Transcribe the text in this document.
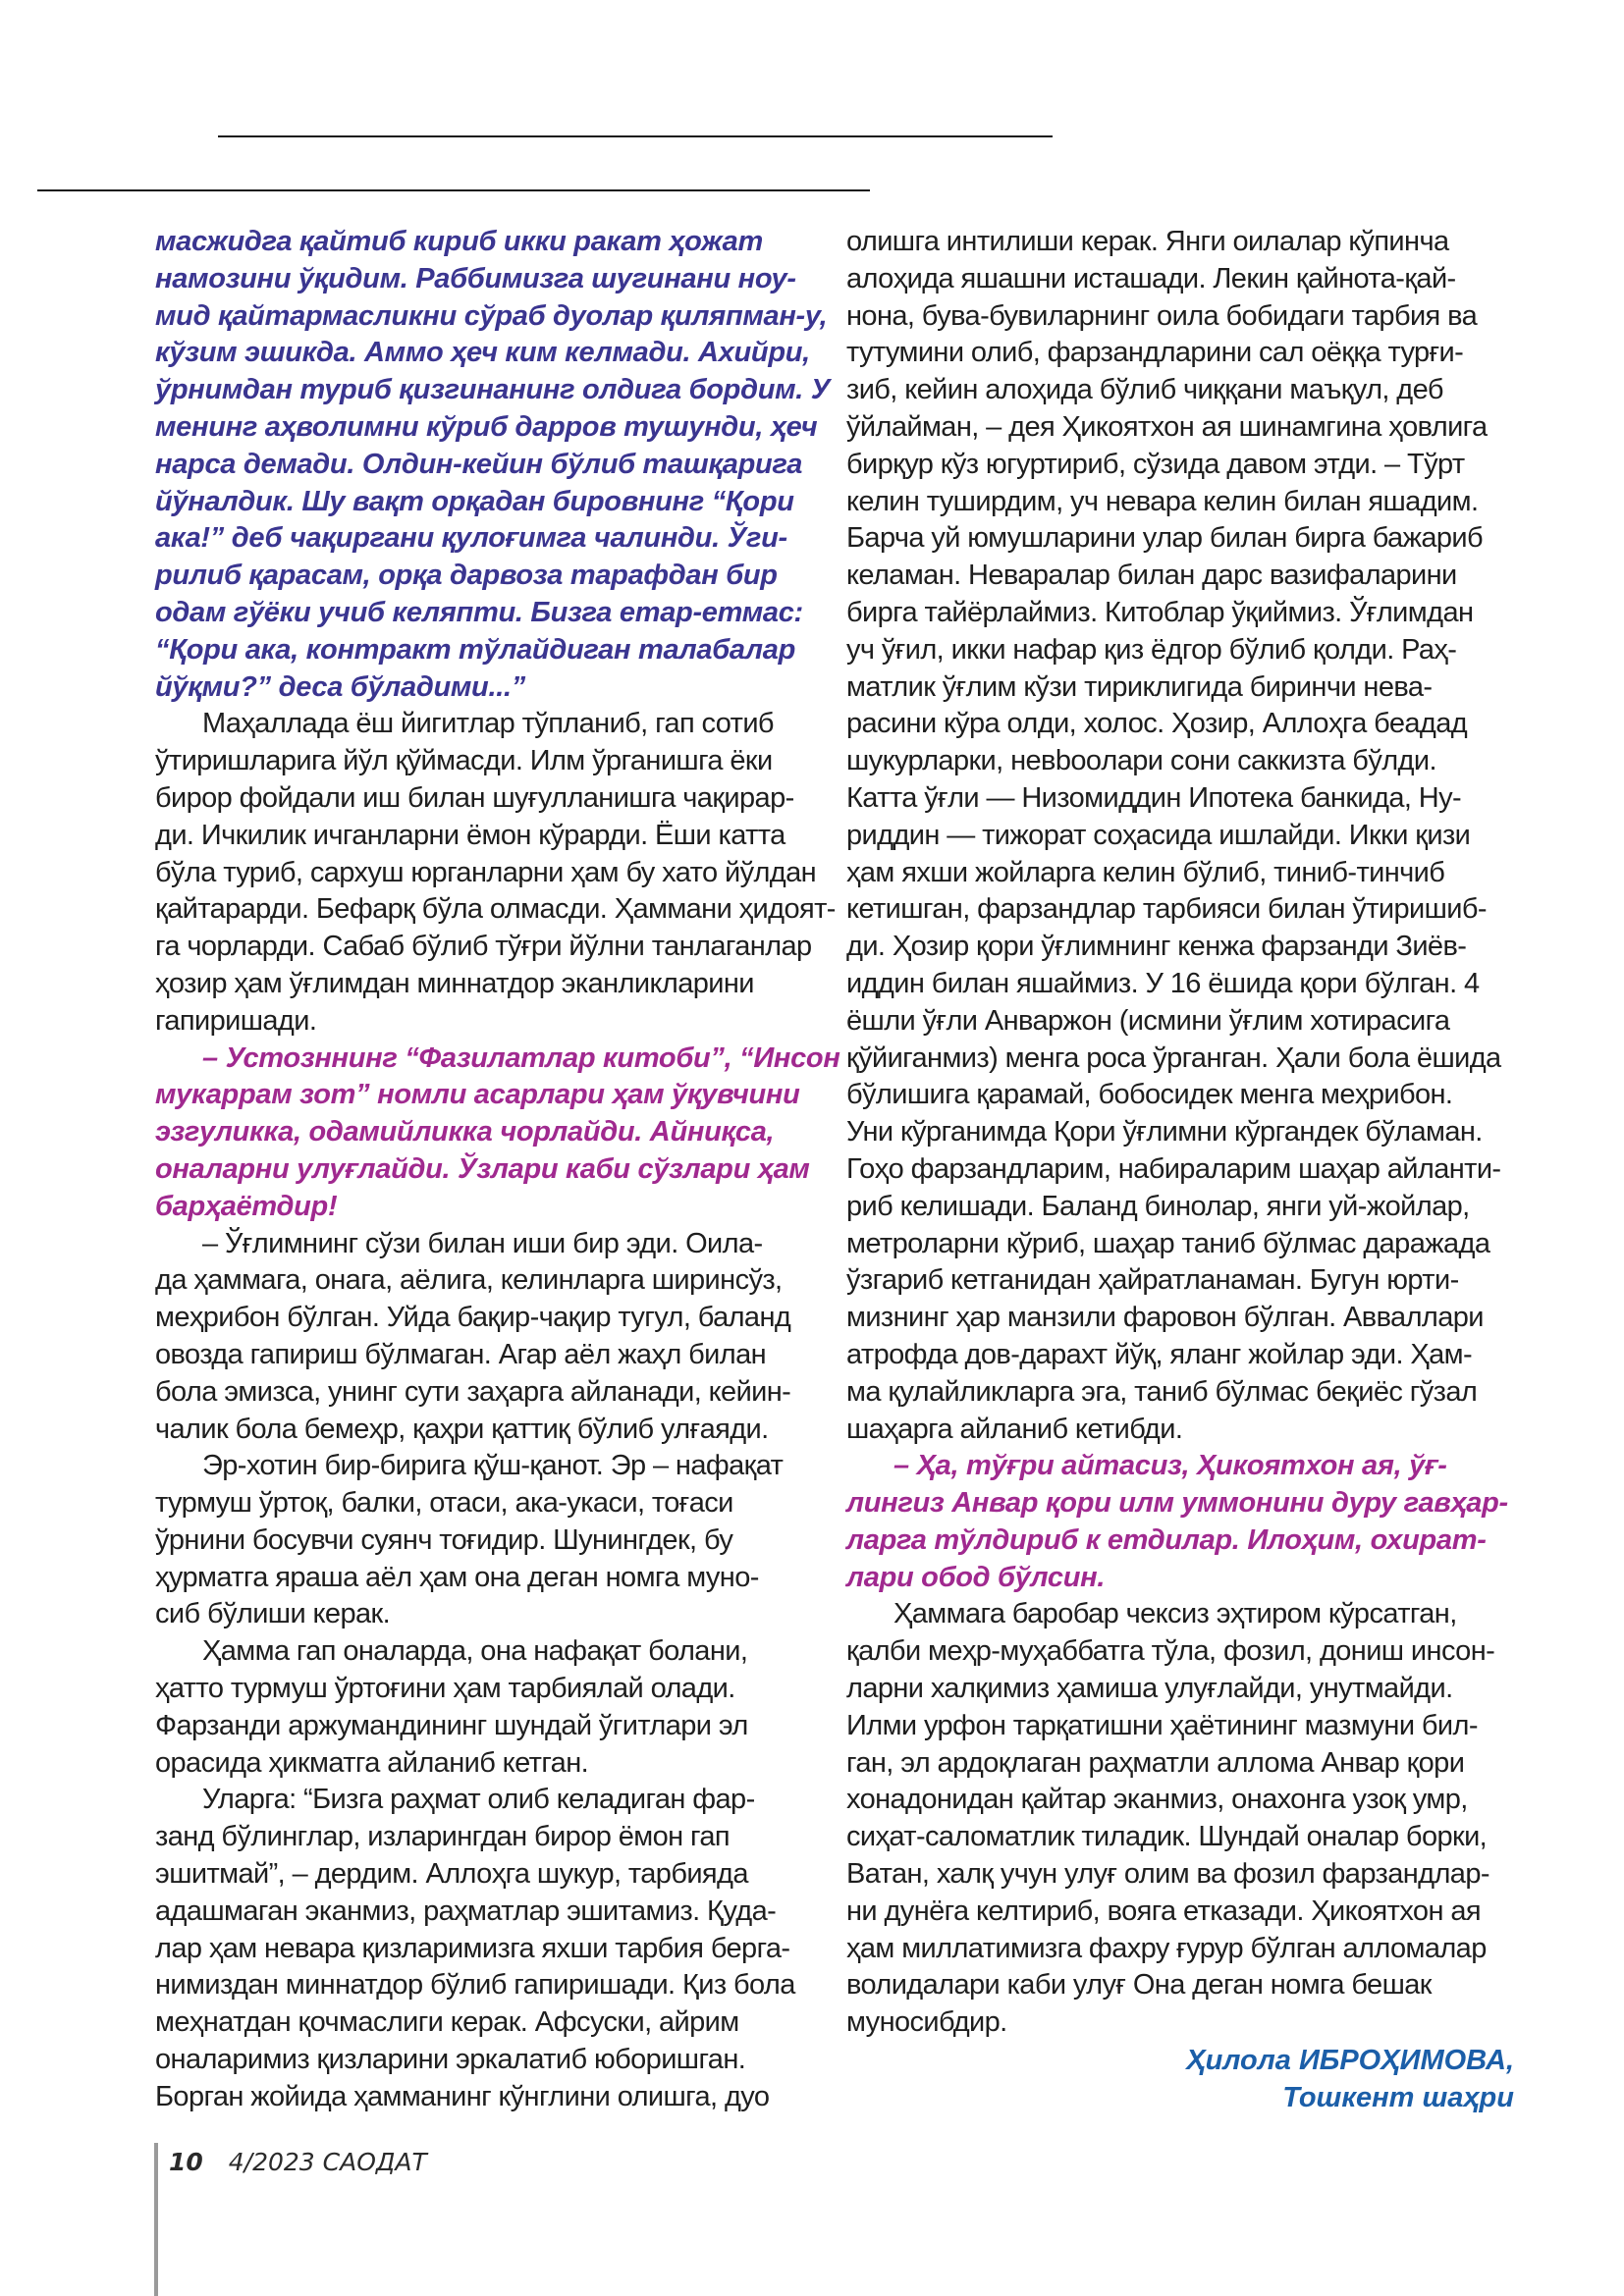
масжидга қайтиб кириб икки ракат ҳожат
намозини ўқидим. Раббимизга шугинани ноу-
мид қайтармасликни сўраб дуолар қиляпман-у,
кўзим эшикда. Аммо ҳеч ким келмади. Ахийри,
ўрнимдан туриб қизгинанинг олдига бордим. У
менинг аҳволимни кўриб дарров тушунди, ҳеч
нарса демади. Олдин-кейин бўлиб ташқарига
йўналдик. Шу вақт орқадан бировнинг “Қори
ака!” деб чақиргани қулоғимга чалинди. Ўги-
рилиб қарасам, орқа дарвоза тарафдан бир
одам гўёки учиб келяпти. Бизга етар-етмас:
“Қори ака, контракт тўлайдиган талабалар
йўқми?” деса бўладими...”

Маҳаллада ёш йигитлар тўпланиб, гап сотиб
ўтиришларига йўл қўймасди. Илм ўрганишга ёки
бирор фойдали иш билан шуғулланишга чақирар-
ди. Ичкилик ичганларни ёмон кўрарди. Ёши катта
бўла туриб, сархуш юрганларни ҳам бу хато йўлдан
қайтарарди. Бефарқ бўла олмасди. Ҳаммани ҳидоят-
га чорларди. Сабаб бўлиб тўғри йўлни танлаганлар
ҳозир ҳам ўғлимдан миннатдор эканликларини
гапиришади.

– Устозннинг “Фазилатлар китоби”, “Инсон
мукаррам зот” номли асарлари ҳам ўқувчини
эзгуликка, одамийликка чорлайди. Айниқса,
оналарни улуғлайди. Ўзлари каби сўзлари ҳам
барҳаётдир!

– Ўғлимнинг сўзи билан иши бир эди. Оила-
да ҳаммага, онага, аёлига, келинларга ширинсўз,
меҳрибон бўлган. Уйда бақир-чақир тугул, баланд
овозда гапириш бўлмаган. Агар аёл жаҳл билан
бола эмизса, унинг сути заҳарга айланади, кейин-
чалик бола бемеҳр, қаҳри қаттиқ бўлиб улғаяди.

Эр-хотин бир-бирига қўш-қанот. Эр – нафақат
турмуш ўртоқ, балки, отаси, ака-укаси, тоғаси
ўрнини босувчи суянч тоғидир. Шунингдек, бу
ҳурматга яраша аёл ҳам она деган номга муно-
сиб бўлиши керак.

Ҳамма гап оналарда, она нафақат болани,
ҳатто турмуш ўртоғини ҳам тарбиялай олади.
Фарзанди аржумандининг шундай ўгитлари эл
орасида ҳикматга айланиб кетган.

Уларга: “Бизга раҳмат олиб келадиган фар-
занд бўлинглар, изларингдан бирор ёмон гап
эшитмай”, – дердим. Аллоҳга шукур, тарбияда
адашмаган эканмиз, раҳматлар эшитамиз. Қуда-
лар ҳам невара қизларимизга яхши тарбия берга-
нимиздан миннатдор бўлиб гапиришади. Қиз бола
меҳнатдан қочмаслиги керак. Афсуски, айрим
оналаримиз қизларини эркалатиб юборишган.
Борган жойида ҳамманинг кўнглини олишга, дуо

олишга интилиши керак. Янги оилалар кўпинча
алоҳида яшашни исташади. Лекин қайнота-қай-
нона, бува-бувиларнинг оила бобидаги тарбия ва
тутумини олиб, фарзандларини сал оёққа турғи-
зиб, кейин алоҳида бўлиб чиққани маъқул, деб
ўйлайман, – дея Ҳикоятхон ая шинамгина ҳовлига
бирқур кўз югуртириб, сўзида давом этди. – Тўрт
келин туширдим, уч невара келин билан яшадим.
Барча уй юмушларини улар билан бирга бажариб
келаман. Неваралар билан дарс вазифаларини
бирга тайёрлаймиз. Китоблар ўқиймиз. Ўғлимдан
уч ўғил, икки нафар қиз ёдгор бўлиб қолди. Раҳ-
матлик ўғлим кўзи тириклигида биринчи нева-
расини кўра олди, холос. Ҳозир, Аллоҳга беадад
шукурларки, невbooлари сони саккизта бўлди.
Катта ўғли — Низомиддин Ипотека банкида, Ну-
риддин — тижорат соҳасида ишлайди. Икки қизи
ҳам яхши жойларга келин бўлиб, тиниб-тинчиб
кетишган, фарзандлар тарбияси билан ўтиришиб-
ди. Ҳозир қори ўғлимнинг кенжа фарзанди Зиёв-
иддин билан яшаймиз. У 16 ёшида қори бўлган. 4
ёшли ўғли Анваржон (исмини ўғлим хотирасига
қўйиганмиз) менга роса ўрганган. Ҳали бола ёшида
бўлишига қарамай, бобосидек менга меҳрибон.
Уни кўрганимда Қори ўғлимни кўргандек бўламан.
Гоҳо фарзандларим, набираларим шаҳар айланти-
риб келишади. Баланд бинолар, янги уй-жойлар,
метроларни кўриб, шаҳар таниб бўлмас даражада
ўзгариб кетганидан ҳайратланаман. Бугун юрти-
мизнинг ҳар манзили фаровон бўлган. Авваллари
атрофда дов-дарахт йўқ, яланг жойлар эди. Ҳам-
ма қулайликларга эга, таниб бўлмас беқиёс гўзал
шаҳарга айланиб кетибди.

– Ҳа, тўғри айтасиз, Ҳикоятхон ая, ўғ-
лингиз Анвар қори илм уммонини дуру гавҳар-
ларга тўлдириб к етдилар. Илоҳим, охират-
лари обод бўлсин.

Ҳаммага баробар чексиз эҳтиром кўрсатган,
қалби меҳр-муҳаббатга тўла, фозил, дониш инсон-
ларни халқимиз ҳамиша улуғлайди, унутмайди.
Илми урфон тарқатишни ҳаётининг мазмуни бил-
ган, эл ардоқлаган раҳматли аллома Анвар қори
хонадонидан қайтар эканмиз, онахонга узоқ умр,
сиҳат-саломатлик тиладик. Шундай оналар борки,
Ватан, халқ учун улуғ олим ва фозил фарзандлар-
ни дунёга келтириб, вояга етказади. Ҳикоятхон ая
ҳам миллатимизга фахру ғурур бўлган алломалар
волидалари каби улуғ Она деган номга бешак
муносибдир.

Ҳилола ИБРОҲИМОВА,
Тошкент шаҳри
10 4/2023 САОДАТ
